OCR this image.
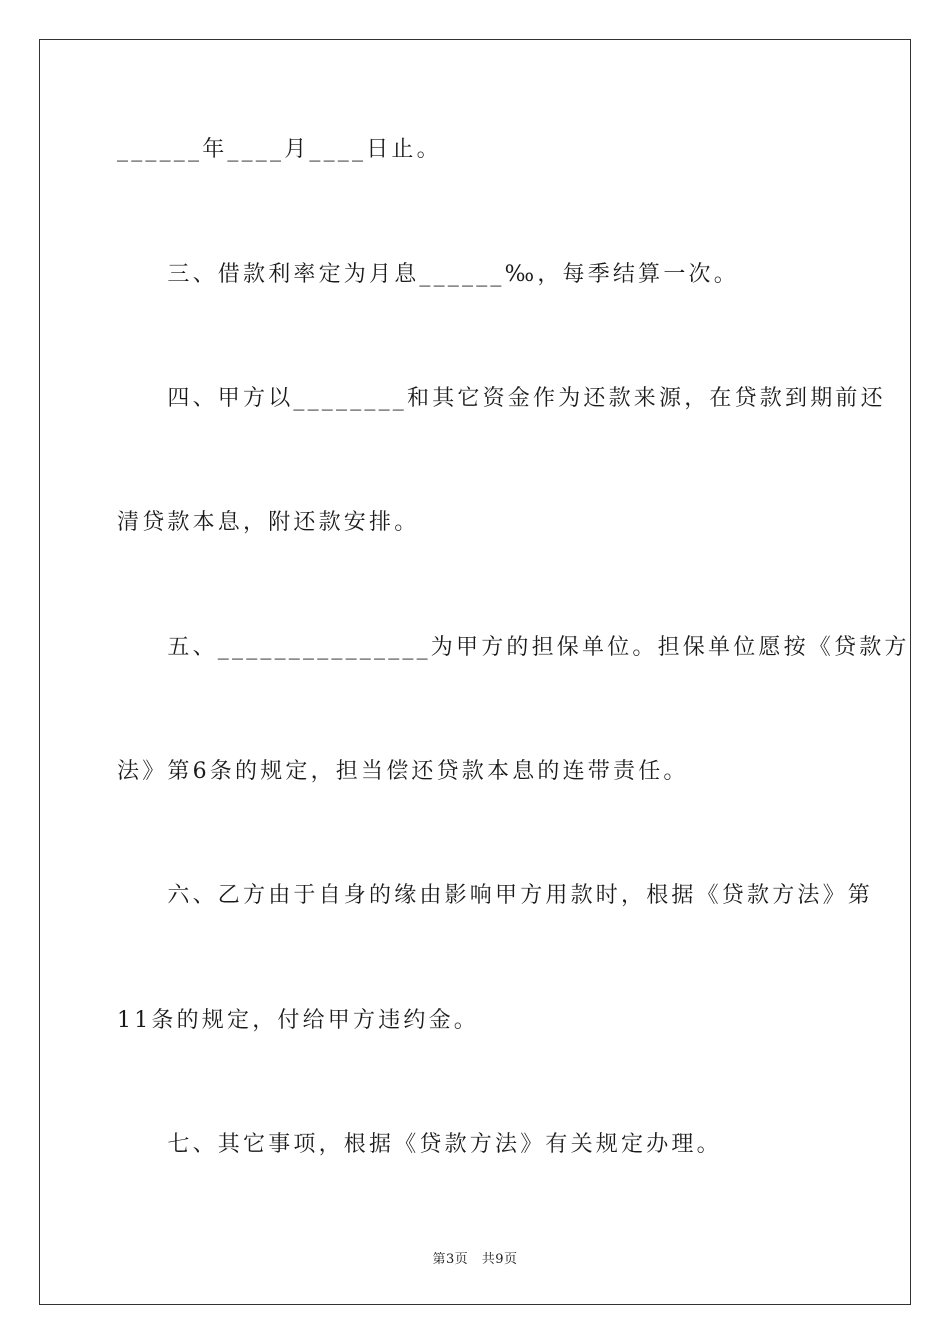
______年____月____日止。
　　三、借款利率定为月息______‰，每季结算一次。
　　四、甲方以________和其它资金作为还款来源，在贷款到期前还
清贷款本息，附还款安排。
　　五、_______________为甲方的担保单位。担保单位愿按《贷款方
法》第6条的规定，担当偿还贷款本息的连带责任。
　　六、乙方由于自身的缘由影响甲方用款时，根据《贷款方法》第
11条的规定，付给甲方违约金。
　　七、其它事项，根据《贷款方法》有关规定办理。
第3页　共9页
